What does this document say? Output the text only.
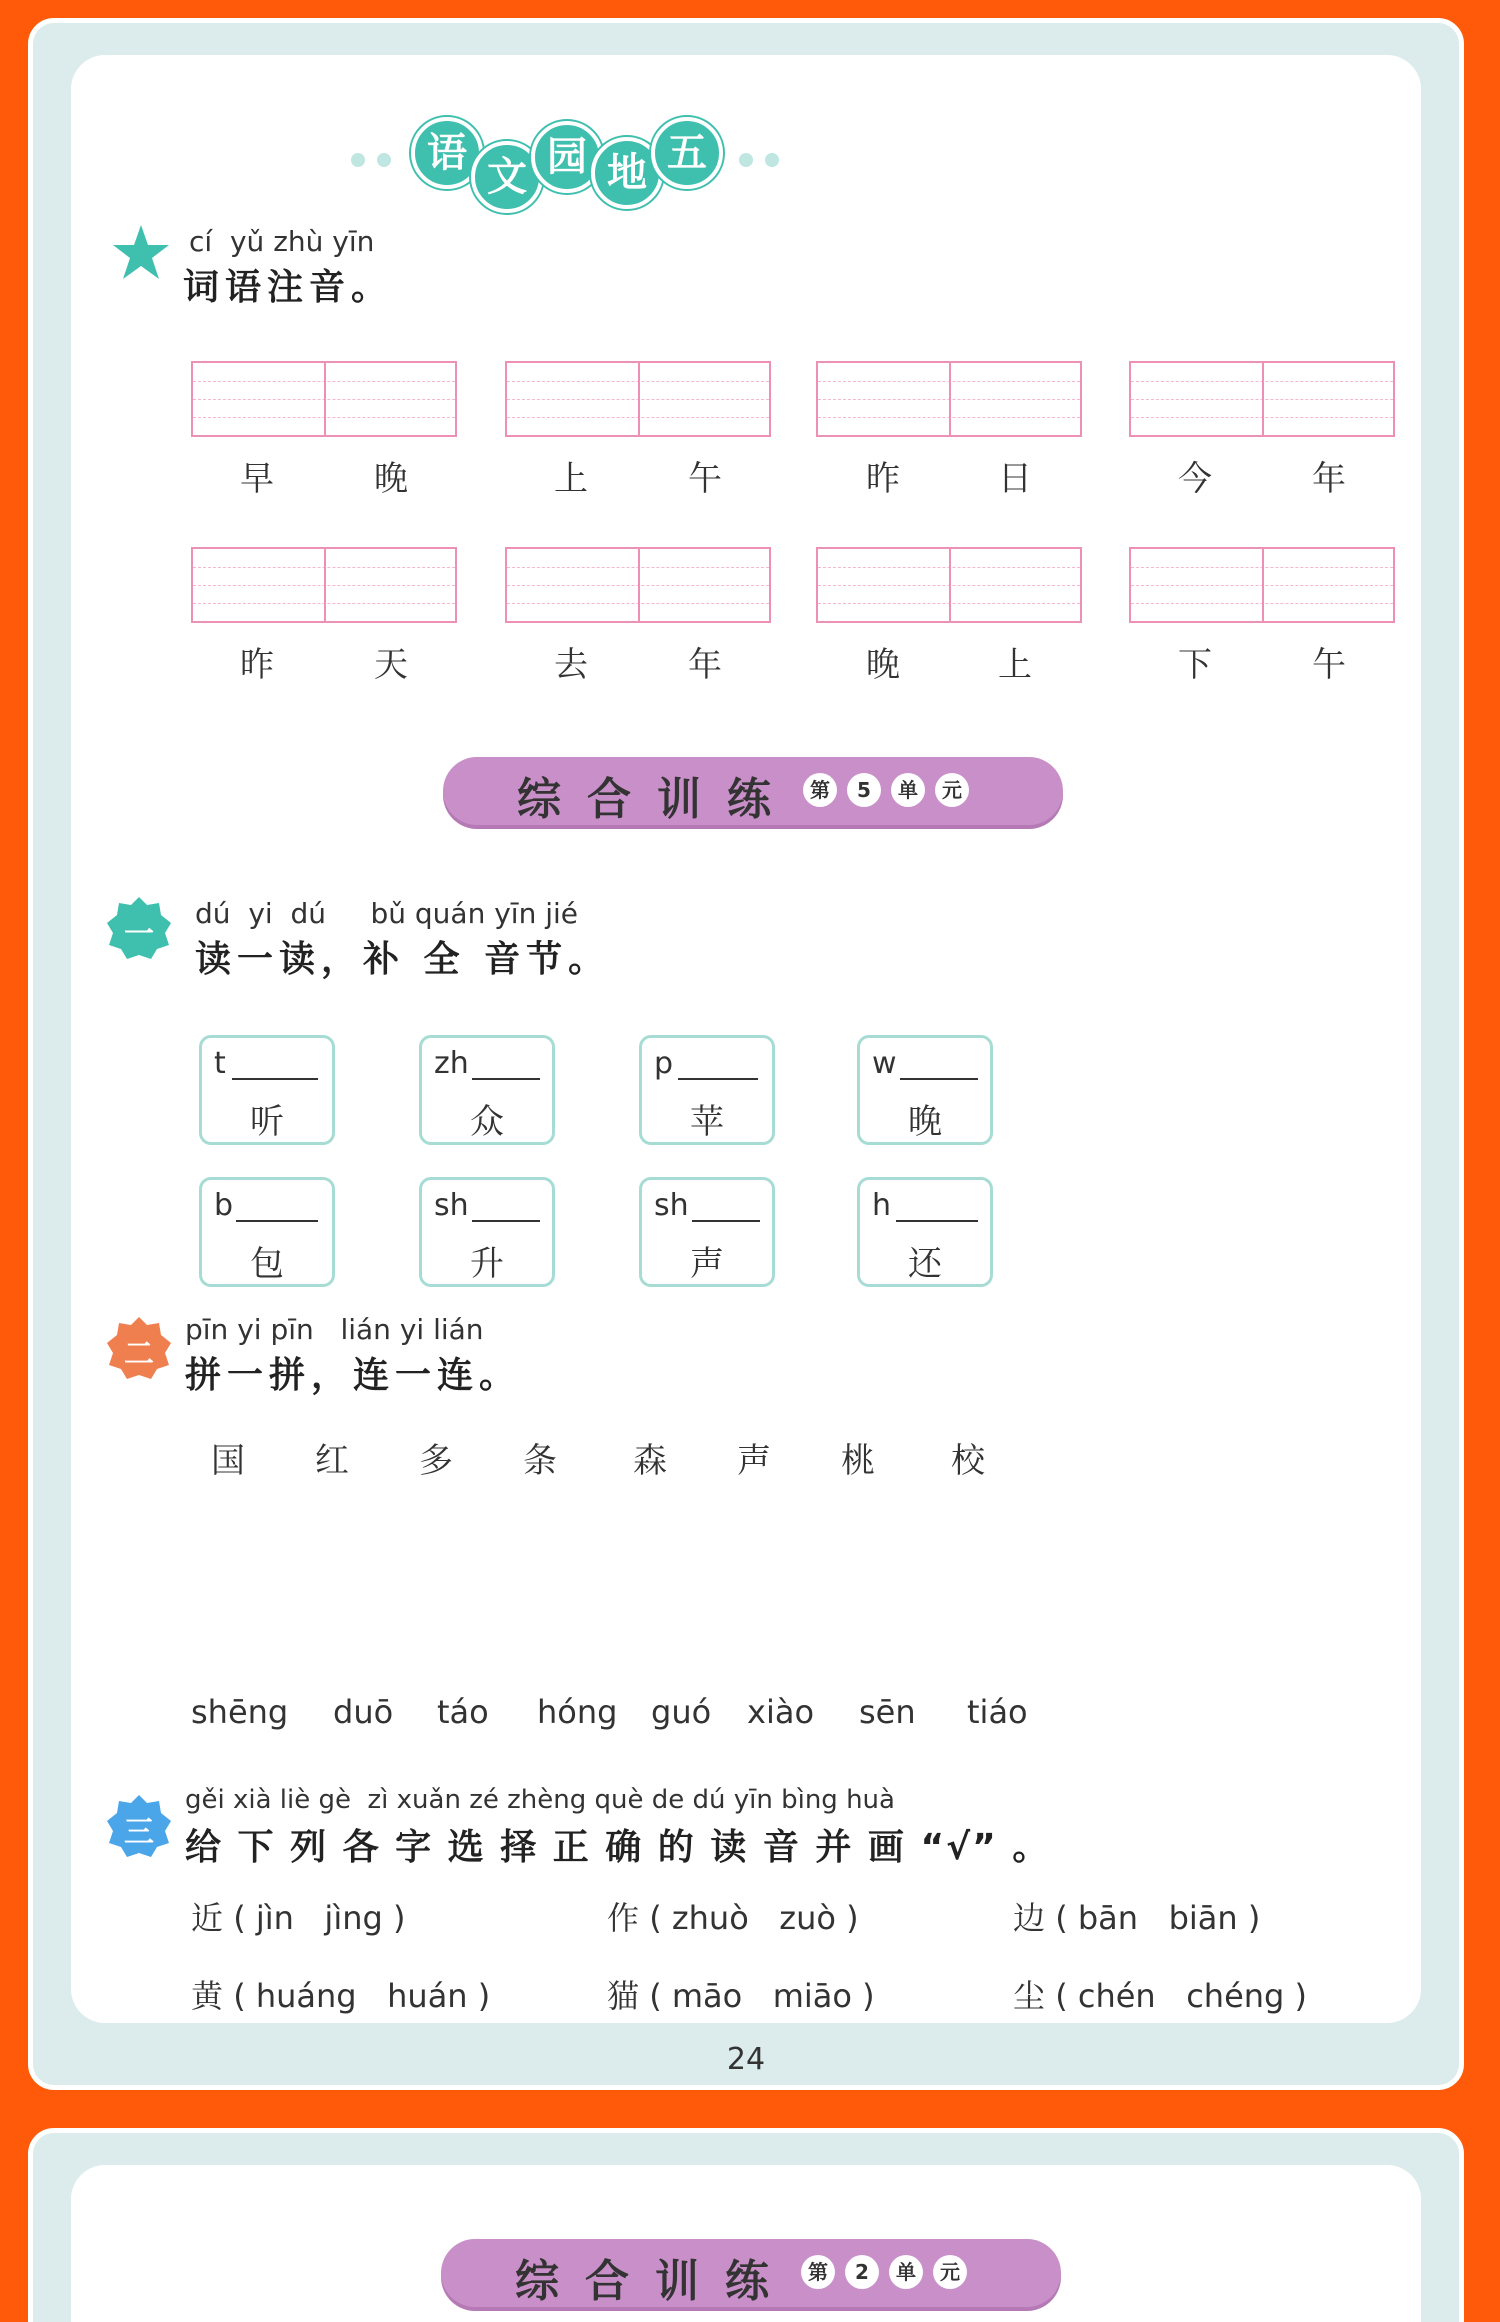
语
文 园 地 五
cí  yǔ zhù yīn
词语注音。
早	晚	上	午	昨	日	今	年
昨	天	去	年	晚	上	下	午
综合训练 第	5	单	元
一
dú  yi  dú     bǔ quán yīn jié
读一读，补 全 音节。
t
听
zh
众
p
苹
w
晚
b
包
sh
升
sh
声
h
还
二
pīn yi pīn   lián yi lián
拼一拼，连一连。
国 红 多 条 森 声 桃 校
shēng duō táo hóng guó xiào sēn tiáo
三
gěi xià liè gè  zì xuǎn zé zhèng què de dú yīn bìng huà
给 下 列 各 字 选 择 正 确 的 读 音 并 画 “√” 。
近 ( jìn jìng )	作 ( zhuò zuò )	边 ( bān biān )
黄 ( huáng huán )	猫 ( māo miāo )	尘 ( chén chéng )
24
综合训练 第	2	单	元
